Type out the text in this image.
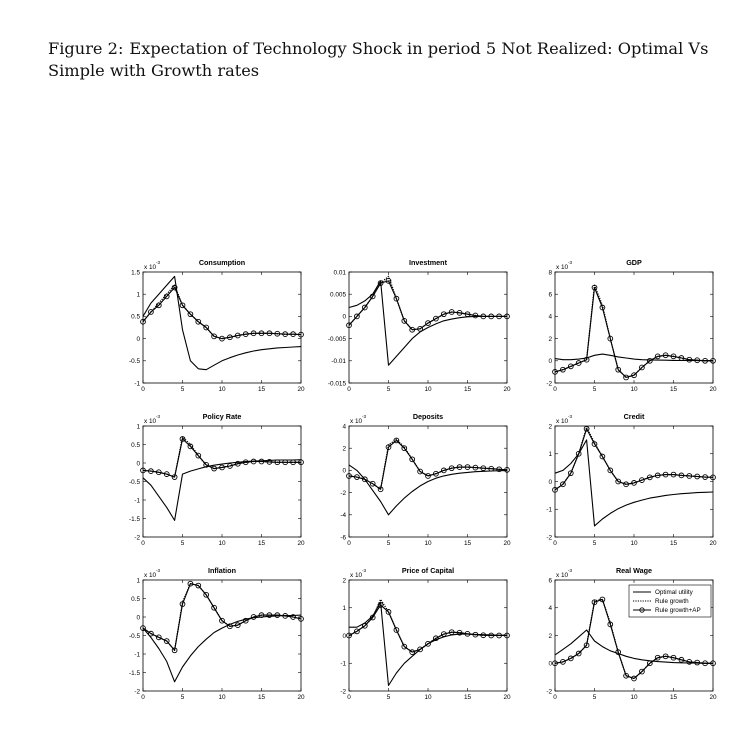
Figure 2: Expectation of Technology Shock in period 5 Not Realized: Optimal Vs Simple with Growth rates
Consumption
x 10
-3
0	5	10	15	20
-1
-0.5
0
0.5
1
1.5
Investment
0	5	10	15	20
-0.015
-0.01
-0.005
0
0.005
0.01
GDP
x 10
-3
0	5	10	15	20
-2
0
2
4
6
8
Policy Rate
x 10
-3
0	5	10	15	20
-2
-1.5
-1
-0.5
0
0.5
1
Deposits
x 10
-3
0	5	10	15	20
-6
-4
-2
0
2
4
Credit
x 10
-3
0	5	10	15	20
-2
-1
0
1
2
Inflation
x 10
-3
0	5	10	15	20
-2
-1.5
-1
-0.5
0
0.5
1
Price of Capital
x 10
-3
0	5	10	15	20
-2
-1
0
1
2
Real Wage
x 10
-3
0	5	10	15	20
-2
0
2
4
6
Optimal utility
Rule growth
Rule growth+AP
